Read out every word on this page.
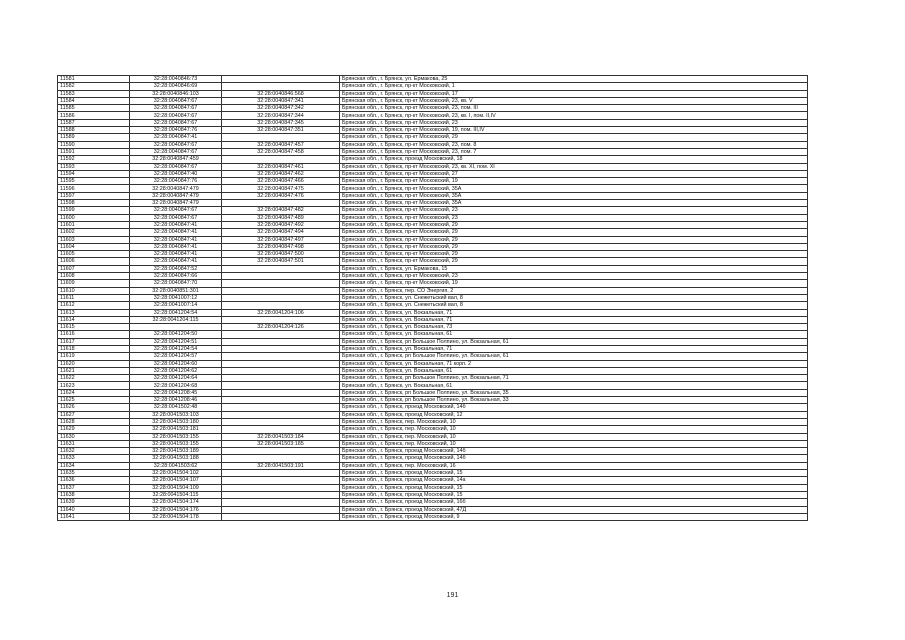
11581	32:28:0040846:73		Брянская обл., г. Брянск, ул. Ермакова, 25
11582	32:28:0040846:69		Брянская обл., г. Брянск, пр-кт Московский, 1
11583	32:28:0040846:103	32:28:0040846:568	Брянская обл., г. Брянск, пр-кт Московский, 17
11584	32:28:0040847:67	32:28:0040847:341	Брянская обл., г. Брянск, пр-кт Московский, 23, кв. V
11585	32:28:0040847:67	32:28:0040847:342	Брянская обл., г. Брянск, пр-кт Московский, 23, пом. III
11586	32:28:0040847:67	32:28:0040847:344	Брянская обл., г. Брянск, пр-кт Московский, 23, кв. I, пом. II,IV
11587	32:28:0040847:67	32:28:0040847:345	Брянская обл., г. Брянск, пр-кт Московский, 23
11588	32:28:0040847:76	32:28:0040847:351	Брянская обл., г. Брянск, пр-кт Московский, 19, пом. III,IV
11589	32:28:0040847:41		Брянская обл., г. Брянск, пр-кт Московский, 29
11590	32:28:0040847:67	32:28:0040847:457	Брянская обл., г. Брянск, пр-кт Московский, 23, пом. 8
11591	32:28:0040847:67	32:28:0040847:458	Брянская обл., г. Брянск, пр-кт Московский, 23, пом. 7
11592	32:28:0040847:459		Брянская обл., г. Брянск, проезд Московский, 18
11593	32:28:0040847:67	32:28:0040847:461	Брянская обл., г. Брянск, пр-кт Московский, 23, кв. XI, пом. XI
11594	32:28:0040847:40	32:28:0040847:462	Брянская обл., г. Брянск, пр-кт Московский, 27
11595	32:28:0040847:76	32:28:0040847:466	Брянская обл., г. Брянск, пр-кт Московский, 19
11596	32:28:0040847:479	32:28:0040847:475	Брянская обл., г. Брянск, пр-кт Московский, 35А
11597	32:28:0040847:479	32:28:0040847:476	Брянская обл., г. Брянск, пр-кт Московский, 35А
11598	32:28:0040847:479		Брянская обл., г. Брянск, пр-кт Московский, 35А
11599	32:28:0040847:67	32:28:0040847:482	Брянская обл., г. Брянск, пр-кт Московский, 23
11600	32:28:0040847:67	32:28:0040847:489	Брянская обл., г. Брянск, пр-кт Московский, 23
11601	32:28:0040847:41	32:28:0040847:492	Брянская обл., г. Брянск, пр-кт Московский, 29
11602	32:28:0040847:41	32:28:0040847:494	Брянская обл., г. Брянск, пр-кт Московский, 29
11603	32:28:0040847:41	32:28:0040847:497	Брянская обл., г. Брянск, пр-кт Московский, 29
11604	32:28:0040847:41	32:28:0040847:498	Брянская обл., г. Брянск, пр-кт Московский, 29
11605	32:28:0040847:41	32:28:0040847:500	Брянская обл., г. Брянск, пр-кт Московский, 29
11606	32:28:0040847:41	32:28:0040847:501	Брянская обл., г. Брянск, пр-кт Московский, 29
11607	32:28:0040847:52		Брянская обл., г. Брянск, ул. Ермакова, 15
11608	32:28:0040847:66		Брянская обл., г. Брянск, пр-кт Московский, 23
11609	32:28:0040847:70		Брянская обл., г. Брянск, пр-кт Московский, 19
11610	32:28:0040851:301		Брянская обл., г. Брянск, пер. СО Энергия, 2
11611	32:28:0041007:12		Брянская обл., г. Брянск, ул. Снежетьский вал, 8
11612	32:28:0041007:14		Брянская обл., г. Брянск, ул. Снежетьский вал, 8
11613	32:28:0041204:54	32:28:0041204:106	Брянская обл., г. Брянск, ул. Вокзальная, 71
11614	32:28:0041204:115		Брянская обл., г. Брянск, ул. Вокзальная, 71
11615		32:28:0041204:126	Брянская обл., г. Брянск, ул. Вокзальная, 73
11616	32:28:0041204:50		Брянская обл., г. Брянск, ул. Вокзальная, 61
11617	32:28:0041204:51		Брянская обл., г. Брянск, рп Большое Полпино, ул. Вокзальная, 61
11618	32:28:0041204:54		Брянская обл., г. Брянск, ул. Вокзальная, 71
11619	32:28:0041204:57		Брянская обл., г. Брянск, рп Большое Полпино, ул. Вокзальная, 61
11620	32:28:0041204:60		Брянская обл., г. Брянск, ул. Вокзальная, 71 корп. 2
11621	32:28:0041204:62		Брянская обл., г. Брянск, ул. Вокзальная, 61
11622	32:28:0041204:64		Брянская обл., г. Брянск, рп Большое Полпино, ул. Вокзальная, 71
11623	32:28:0041204:68		Брянская обл., г. Брянск, ул. Вокзальная, 61
11624	32:28:0041208:45		Брянская обл., г. Брянск, рп Большое Полпино, ул. Вокзальная, 35
11625	32:28:0041208:46		Брянская обл., г. Брянск, рп Большое Полпино, ул. Вокзальная, 33
11626	32:28:0041502:48		Брянская обл., г. Брянск, проезд Московский, 14б
11627	32:28:0041503:103		Брянская обл., г. Брянск, проезд Московский, 12
11628	32:28:0041503:180		Брянская обл., г. Брянск, пер. Московский, 10
11629	32:28:0041503:181		Брянская обл., г. Брянск, пер. Московский, 10
11630	32:28:0041503:155	32:28:0041503:184	Брянская обл., г. Брянск, пер. Московский, 10
11631	32:28:0041503:155	32:28:0041503:185	Брянская обл., г. Брянск, пер. Московский, 10
11632	32:28:0041503:189		Брянская обл., г. Брянск, проезд Московский, 14б
11633	32:28:0041503:188		Брянская обл., г. Брянск, проезд Московский, 14б
11634	32:28:0041503:62	32:28:0041503:191	Брянская обл., г. Брянск, пер. Московский, 16
11635	32:28:0041504:102		Брянская обл., г. Брянск, проезд Московский, 15
11636	32:28:0041504:107		Брянская обл., г. Брянск, проезд Московский, 14а
11637	32:28:0041504:109		Брянская обл., г. Брянск, проезд Московский, 15
11638	32:28:0041504:115		Брянская обл., г. Брянск, проезд Московский, 15
11639	32:28:0041504:174		Брянская обл., г. Брянск, проезд Московский, 16б
11640	32:28:0041504:176		Брянская обл., г. Брянск, проезд Московский, 47Д
11641	32:28:0041504:178		Брянская обл., г. Брянск, проезд Московский, 9
191
